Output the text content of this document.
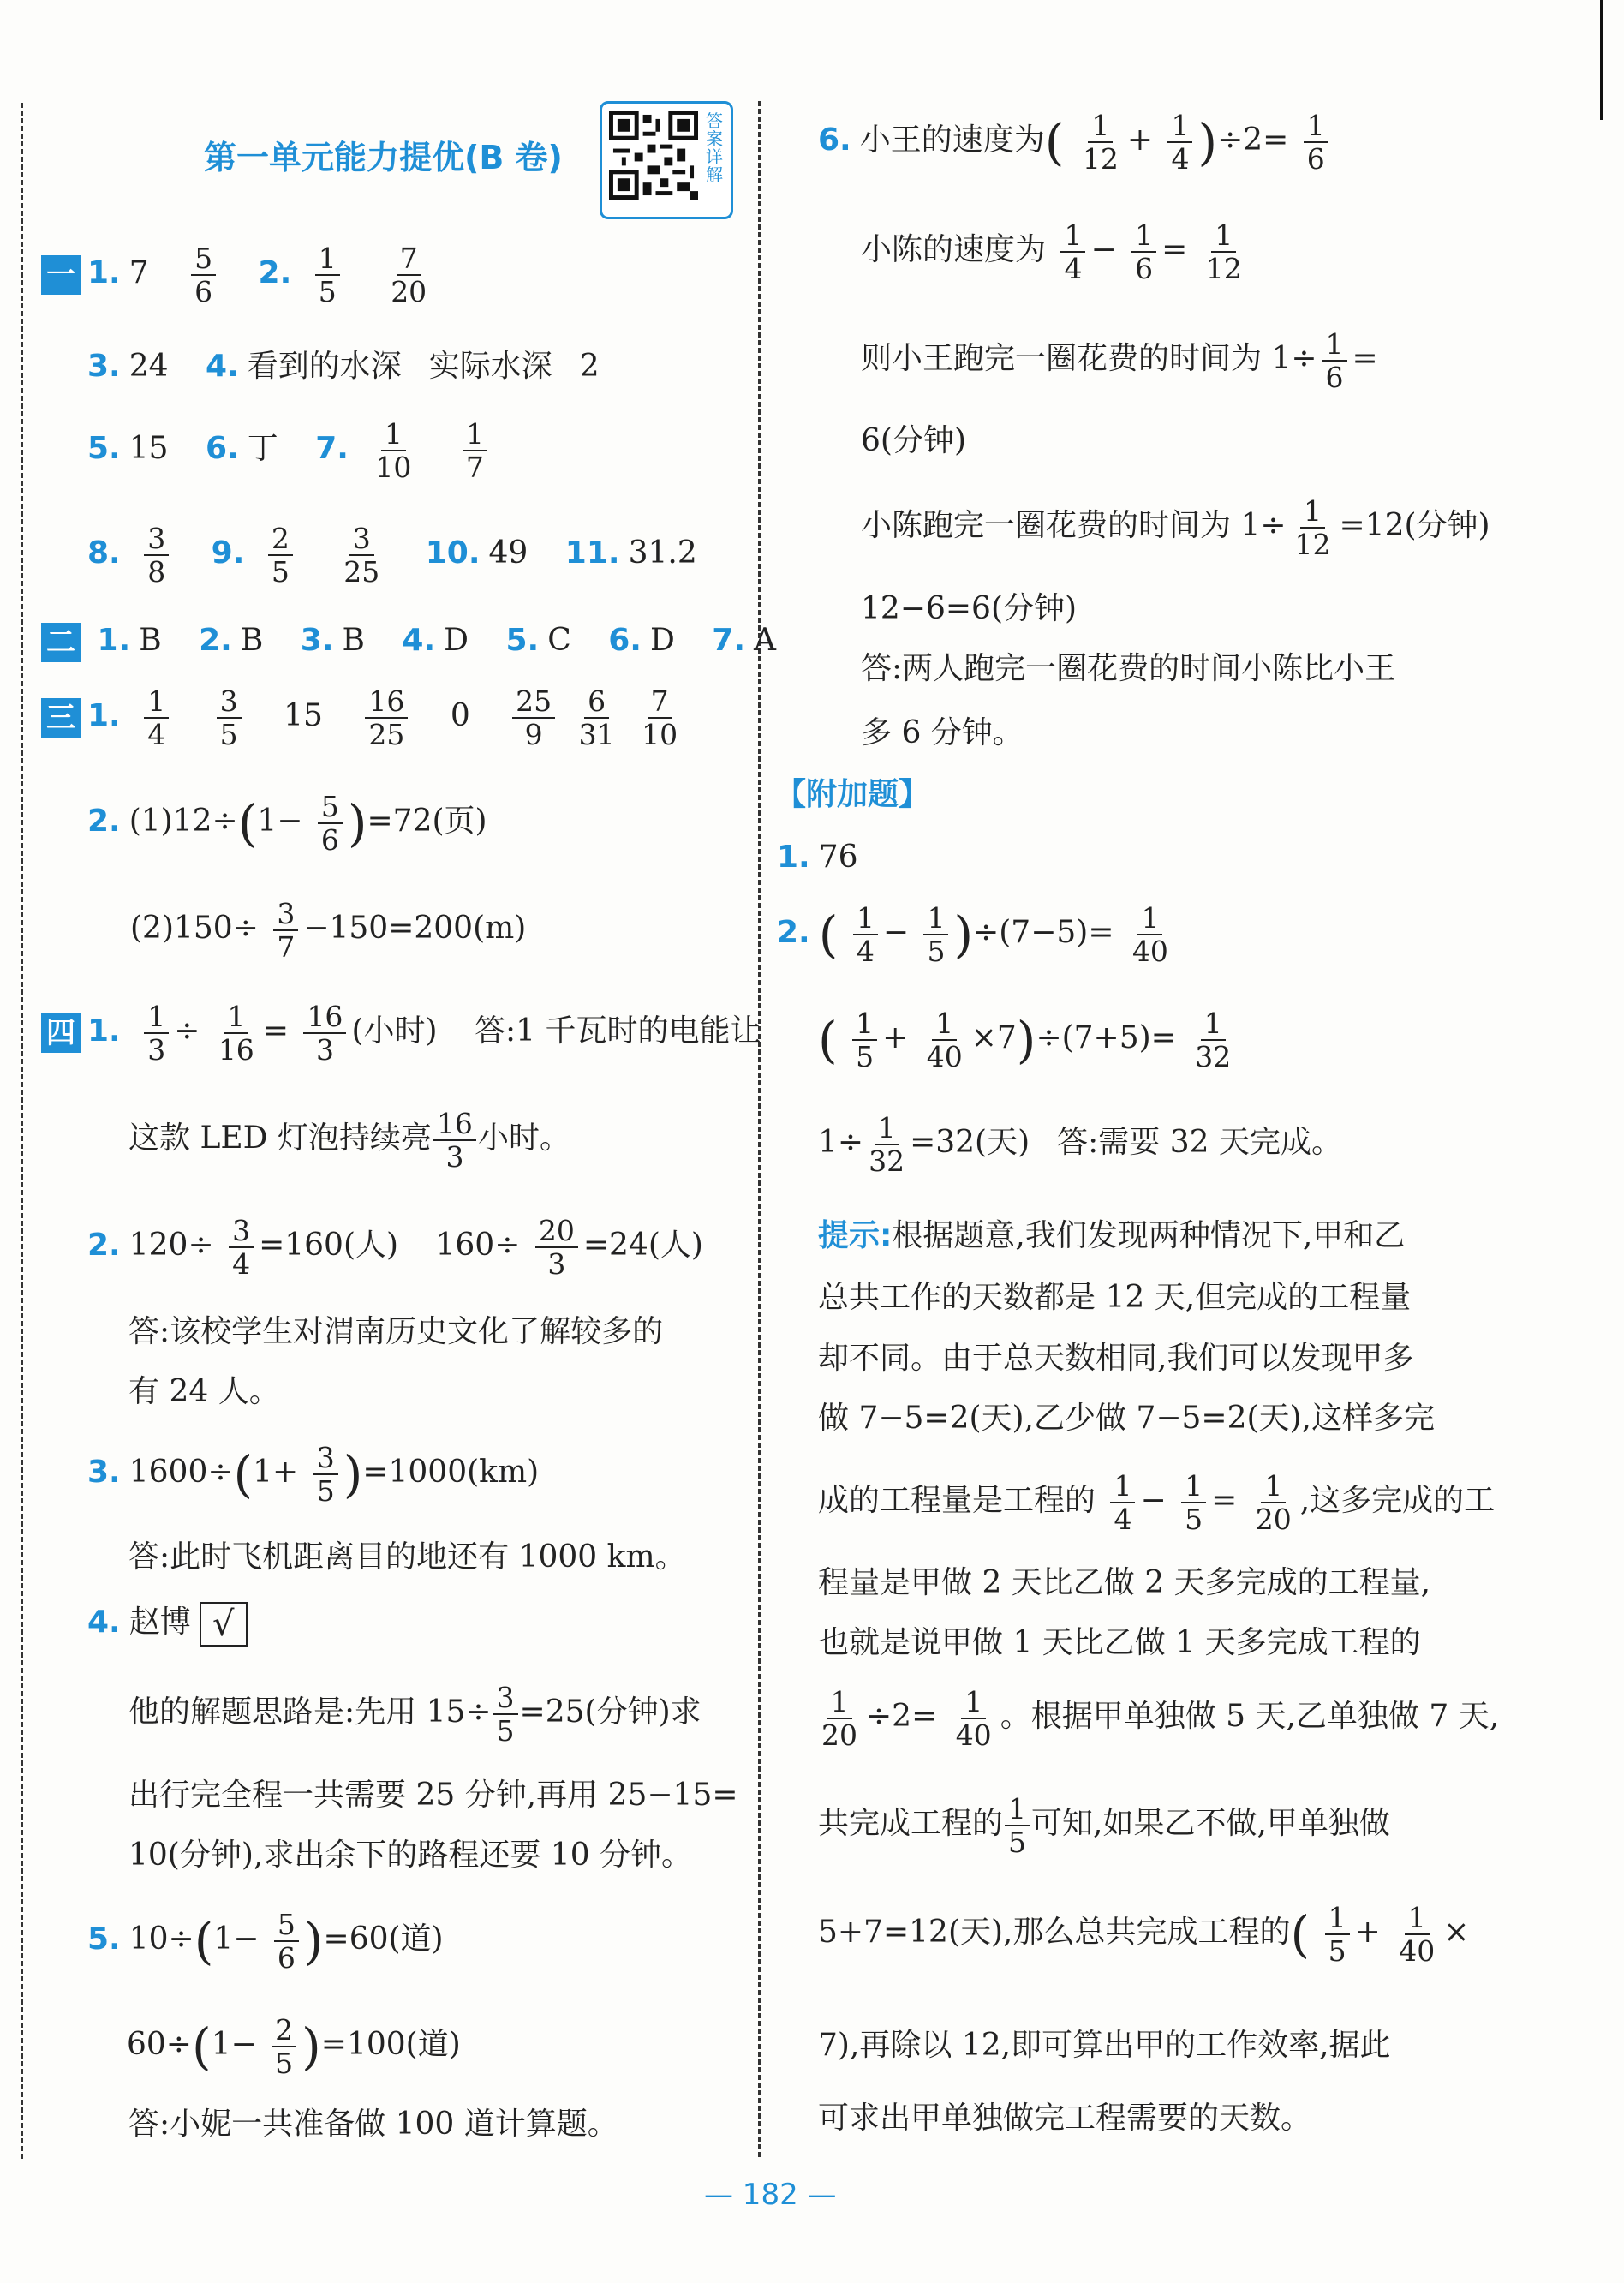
第一单元能力提优(B 卷)
答案详解
一 1. $7 \frac{5}{6} 2$. $\frac{1}{5}$
$\frac{7}{20}$
3. 24 4. 看到的水深 实际水深 2
5. 15 6. 丁 7. $\frac{1}{10}$
$\frac{1}{7}$
8. $\frac{3}{8} 9$. $\frac{2}{5}$
$\frac{3}{25} 10$. 49 11. 31.2
二 1. B 2. B 3. B 4. D 5. C 6. D 7. A
三 1. $\frac{1}{4}$
$\frac{3}{5} 15 \frac{16}{25} 0 \frac{25}{9}$
$\frac{6}{31}$
$\frac{7}{10}$
2. $(1)12\div(1- \frac{5}{6} )=72$(页)
$(2)150\div \frac{3}{7} -150=200(m)$
四 1. $\frac{1}{3} \div \frac{1}{16} = \frac{16}{3}$ (小时) 答:1 千瓦时的电能让
这款 LED 灯泡持续亮 $\frac{16}{3}$ 小时。
2. $120\div \frac{3}{4} =160$(人) $160\div \frac{20}{3} =24$(人)
答:该校学生对渭南历史文化了解较多的
有 24 人。
3. $1600\div(1+ \frac{3}{5} )=1000(km)$
答:此时飞机距离目的地还有 1000 km。
4. 赵博 √
他的解题思路是:先用 $15\div \frac{3}{5} =25$(分钟)求
出行完全程一共需要 25 分钟,再用 25−15=
10(分钟),求出余下的路程还要 10 分钟。
5. $10\div(1- \frac{5}{6} )=60$(道)
$60\div(1- \frac{2}{5} )=100$(道)
答:小妮一共准备做 100 道计算题。
6. 小王的速度为( $\frac{1}{12} + \frac{1}{4} )\div 2= \frac{1}{6}$
小陈的速度为 $\frac{1}{4} - \frac{1}{6} = \frac{1}{12}$
则小王跑完一圈花费的时间为 $1\div \frac{1}{6}$ =
6(分钟)
小陈跑完一圈花费的时间为 $1\div \frac{1}{12} =12$(分钟)
12−6=6(分钟)
答:两人跑完一圈花费的时间小陈比小王
多 6 分钟。
【附加题】
1. 76
2. ( $\frac{1}{4} - \frac{1}{5} )\div(7-5)= \frac{1}{40}$
( $\frac{1}{5} + \frac{1}{40} \times 7)\div(7+5)= \frac{1}{32}$
$1\div \frac{1}{32} =32$(天) 答:需要 32 天完成。
提示:根据题意,我们发现两种情况下,甲和乙
总共工作的天数都是 12 天,但完成的工程量
却不同。由于总天数相同,我们可以发现甲多
做 7−5=2(天),乙少做 7−5=2(天),这样多完
成的工程量是工程的 $\frac{1}{4} - \frac{1}{5} = \frac{1}{20}$ ,这多完成的工
程量是甲做 2 天比乙做 2 天多完成的工程量,
也就是说甲做 1 天比乙做 1 天多完成工程的
$\frac{1}{20} \div 2= \frac{1}{40}$ 。根据甲单独做 5 天,乙单独做 7 天,
共完成工程的 $\frac{1}{5}$ 可知,如果乙不做,甲单独做
5+7=12(天),那么总共完成工程的( $\frac{1}{5} + \frac{1}{40}$ ×
7),再除以 12,即可算出甲的工作效率,据此
可求出甲单独做完工程需要的天数。
— 182 —
